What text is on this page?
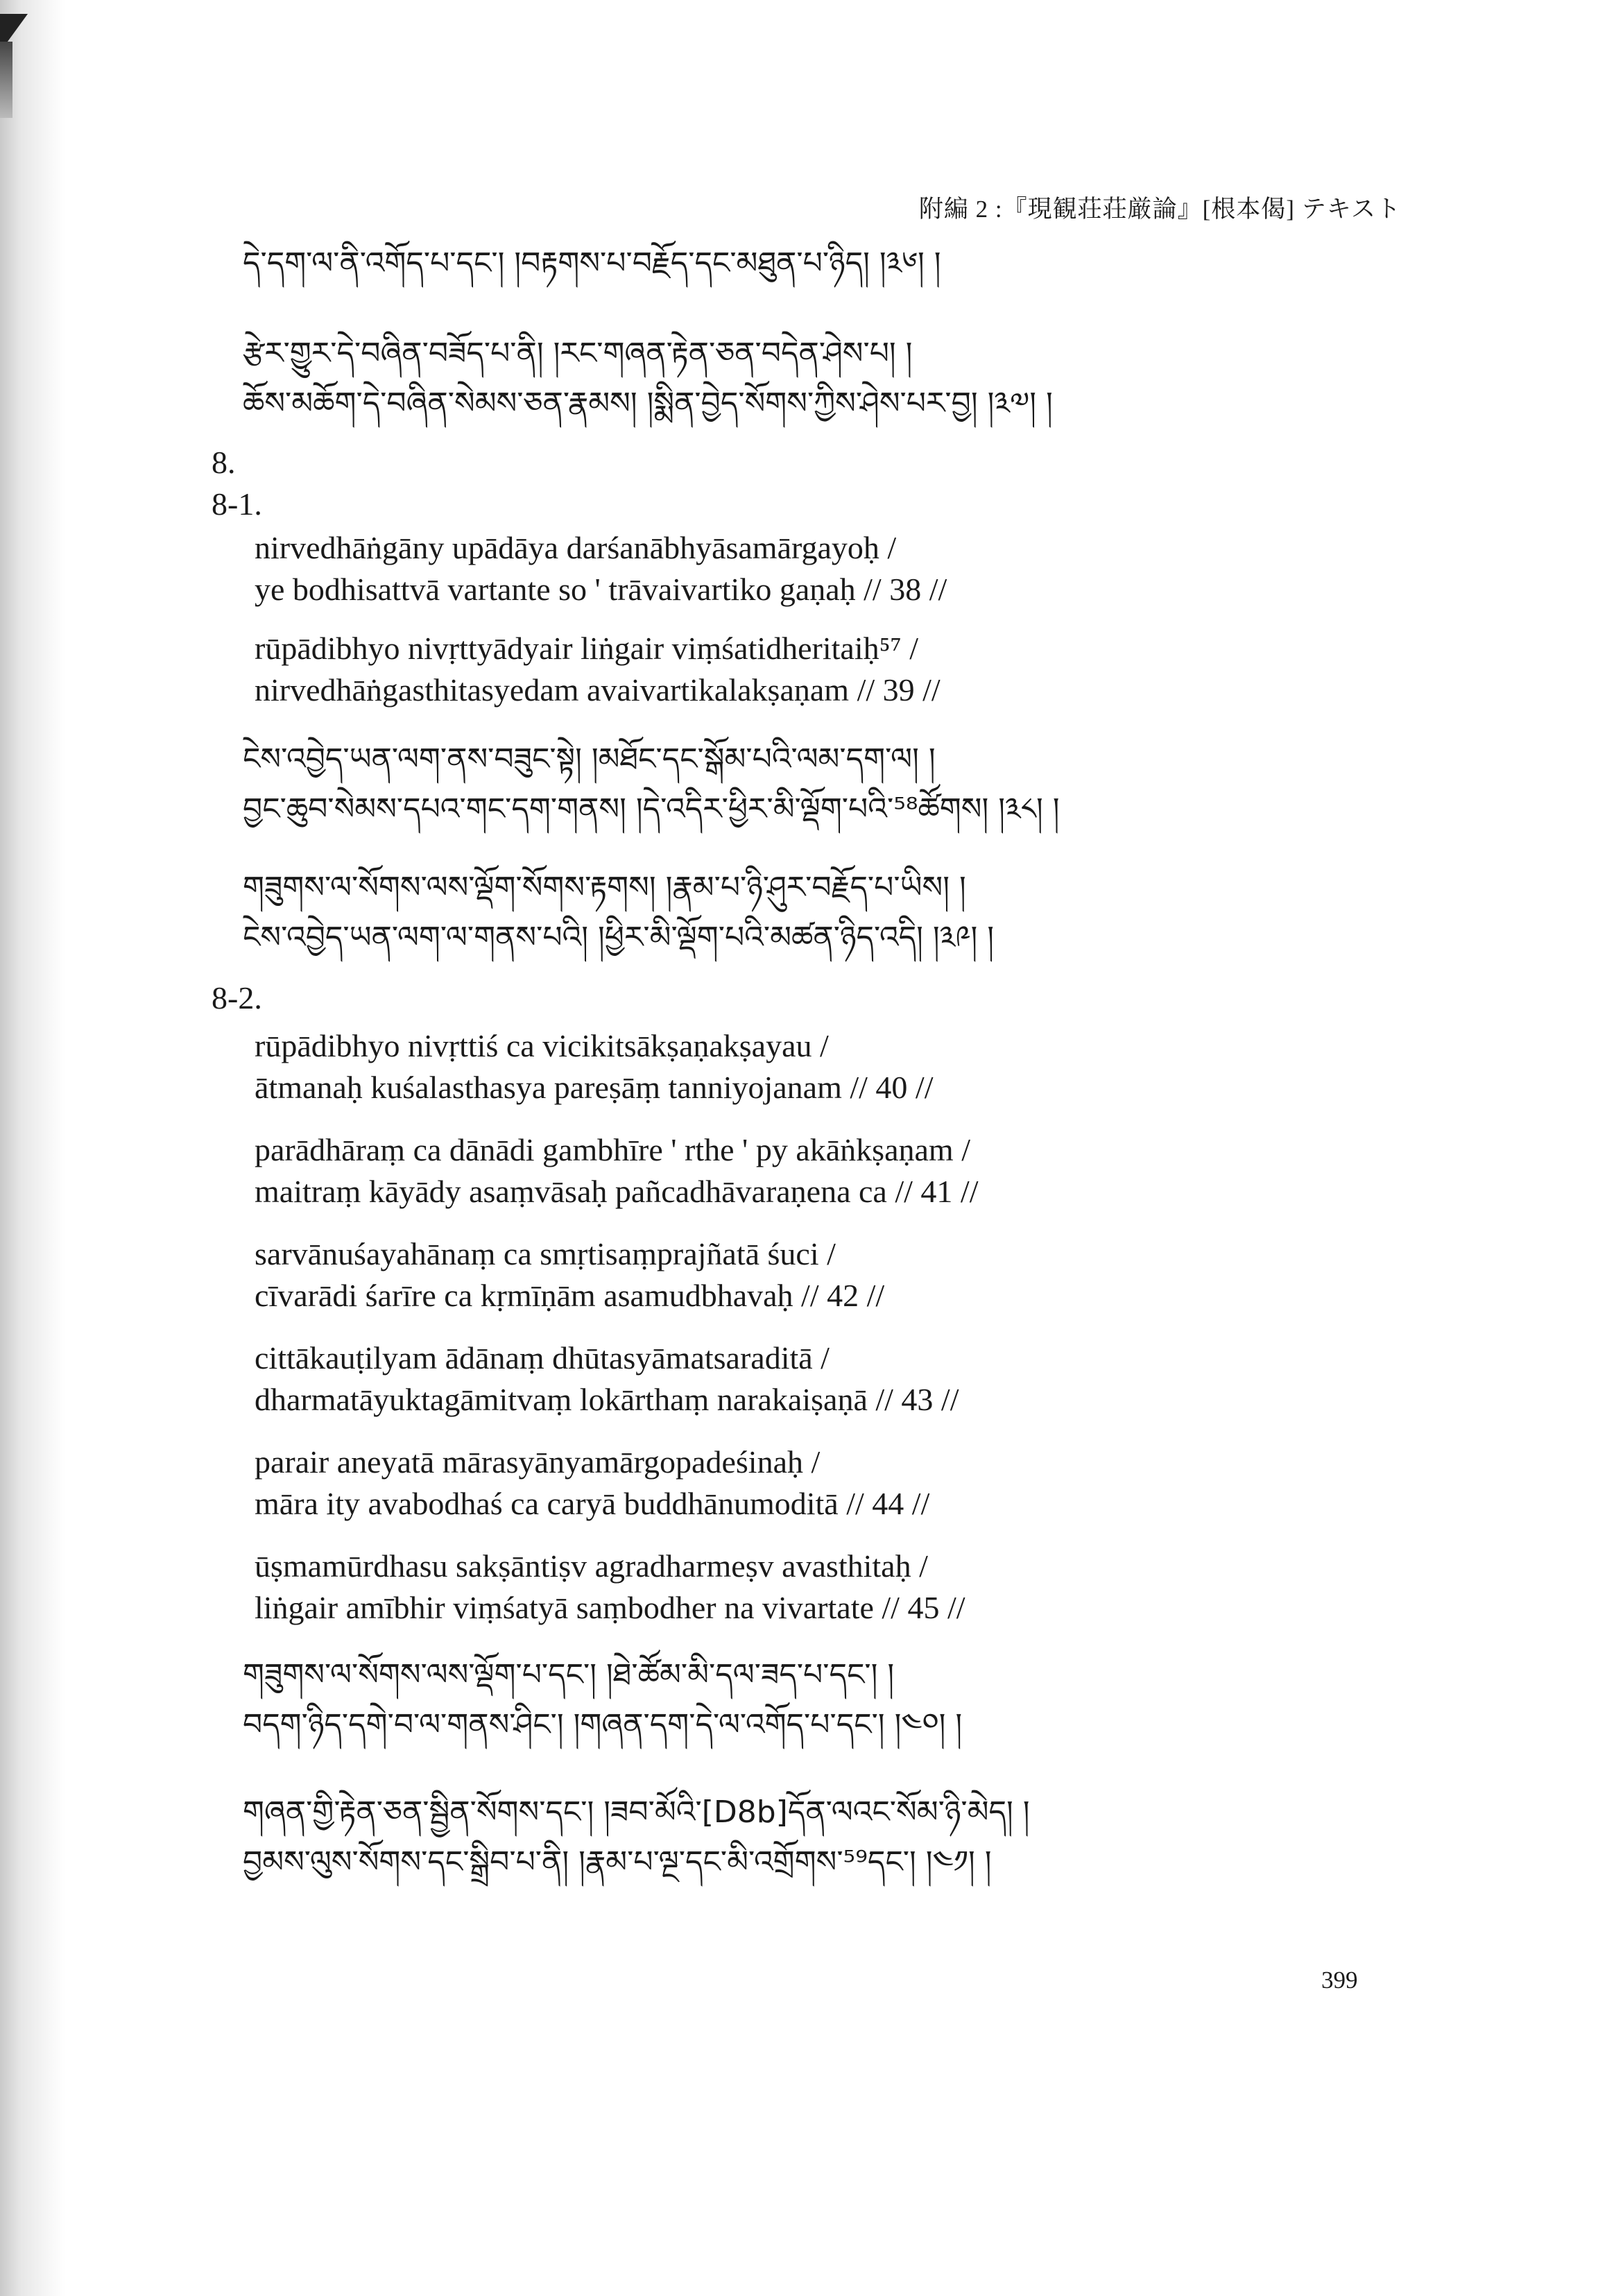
附編 2 :『現観荘荘厳論』[根本偈] テキスト
དེ་དག་ལ་ནི་འགོད་པ་དང་། །བརྟགས་པ་བརྗོད་དང་མཐུན་པ་ཉིད། །༣༦། །
རྩེར་གྱུར་དེ་བཞིན་བཟོད་པ་ནི། །རང་གཞན་རྟེན་ཅན་བདེན་ཤེས་པ། །
ཆོས་མཆོག་དེ་བཞིན་སེམས་ཅན་རྣམས། །སྨིན་བྱེད་སོགས་ཀྱིས་ཤེས་པར་བྱ། །༣༧། །
8.
8-1.
nirvedhāṅgāny upādāya darśanābhyāsamārgayoḥ /
ye bodhisattvā vartante so ' trāvaivartiko gaṇaḥ // 38 //
rūpādibhyo nivṛttyādyair liṅgair viṃśatidheritaiḥ⁵⁷ /
nirvedhāṅgasthitasyedam avaivartikalakṣaṇam // 39 //
ངེས་འབྱེད་ཡན་ལག་ནས་བཟུང་སྟེ། །མཐོང་དང་སྒོམ་པའི་ལམ་དག་ལ། །
བྱང་ཆུབ་སེམས་དཔའ་གང་དག་གནས། །དེ་འདིར་ཕྱིར་མི་ལྡོག་པའི་⁵⁸ཚོགས། །༣༨། །
གཟུགས་ལ་སོགས་ལས་ལྡོག་སོགས་རྟགས། །རྣམ་པ་ཉི་ཤུར་བརྗོད་པ་ཡིས། །
ངེས་འབྱེད་ཡན་ལག་ལ་གནས་པའི། །ཕྱིར་མི་ལྡོག་པའི་མཚན་ཉིད་འདི། །༣༩། །
8-2.
rūpādibhyo nivṛttiś ca vicikitsākṣaṇakṣayau /
ātmanaḥ kuśalasthasya pareṣāṃ tanniyojanam // 40 //
parādhāraṃ ca dānādi gambhīre ' rthe ' py akāṅkṣaṇam /
maitraṃ kāyādy asaṃvāsaḥ pañcadhāvaraṇena ca // 41 //
sarvānuśayahānaṃ ca smṛtisaṃprajñatā śuci /
cīvarādi śarīre ca kṛmīṇām asamudbhavaḥ // 42 //
cittākauṭilyam ādānaṃ dhūtasyāmatsaraditā /
dharmatāyuktagāmitvaṃ lokārthaṃ narakaiṣaṇā // 43 //
parair aneyatā mārasyānyamārgopadeśinaḥ /
māra ity avabodhaś ca caryā buddhānumoditā // 44 //
ūṣmamūrdhasu sakṣāntiṣv agradharmeṣv avasthitaḥ /
liṅgair amībhir viṃśatyā saṃbodher na vivartate // 45 //
གཟུགས་ལ་སོགས་ལས་ལྡོག་པ་དང་། །ཐེ་ཚོམ་མི་དལ་ཟད་པ་དང་། །
བདག་ཉིད་དགེ་བ་ལ་གནས་ཤིང་། །གཞན་དག་དེ་ལ་འགོད་པ་དང་། །༤༠། །
གཞན་གྱི་རྟེན་ཅན་སྦྱིན་སོགས་དང་། །ཟབ་མོའི་[D8b]དོན་ལའང་སོམ་ཉི་མེད། །
བྱམས་ལུས་སོགས་དང་སྒྲིབ་པ་ནི། །རྣམ་པ་ལྔ་དང་མི་འགྲོགས་⁵⁹དང་། །༤༡། །
399
